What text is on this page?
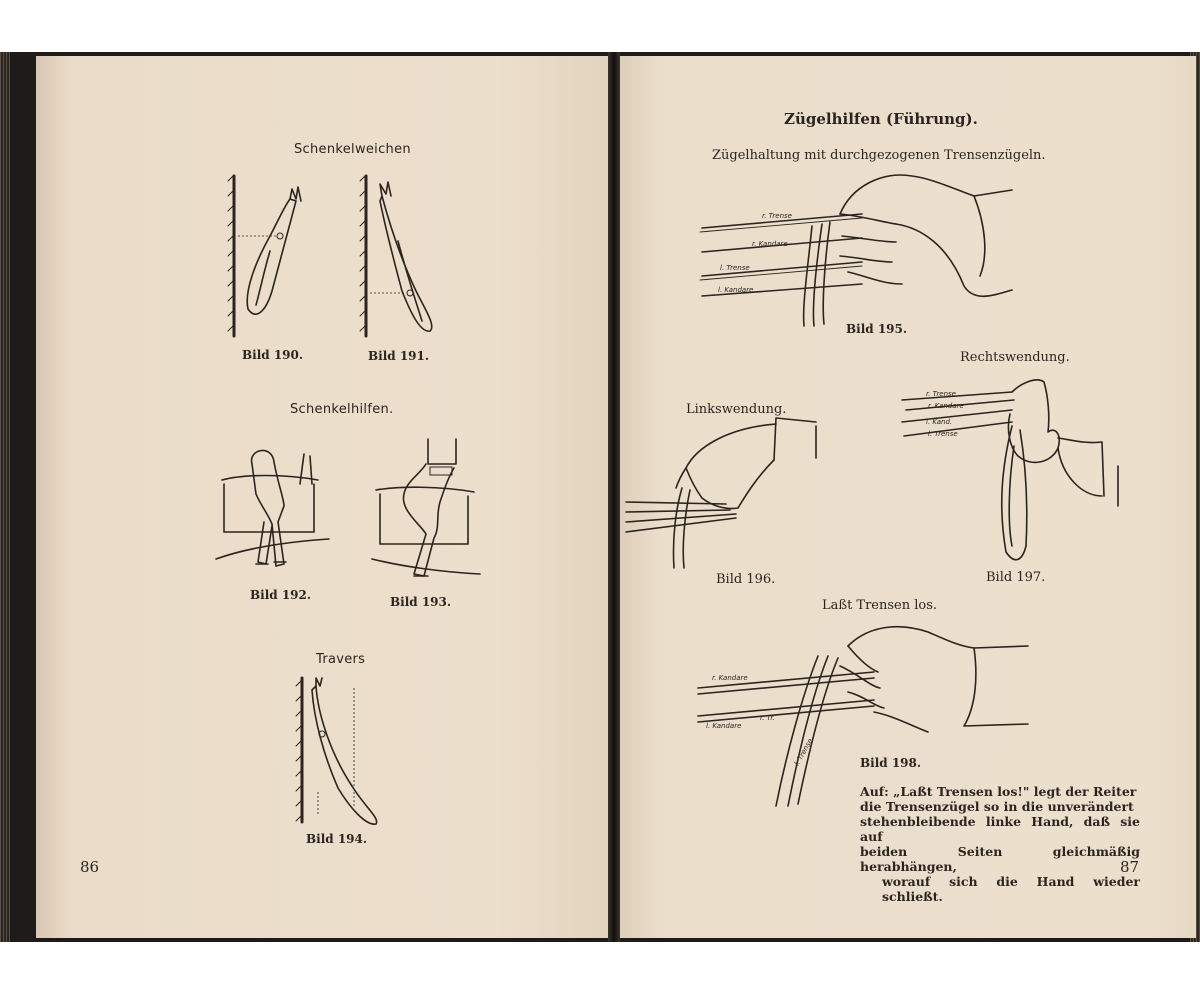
Schenkelweichen
Bild 190.	Bild 191.
Schenkelhilfen.
Bild 192.	Bild 193.
Travers
Bild 194.
86
Zügelhilfen (Führung).
Zügelhaltung mit durchgezogenen Trensenzügeln.
r. Trense
r. Kandare
l. Trense
l. Kandare
Bild 195.
Rechtswendung.
Linkswendung.
r. Trense
r. Kandare
l. Kand.
l. Trense
Bild 196.	Bild 197.
Laßt Trensen los.
r. Kandare
l. Kandare
r. Tr.
l. Trense	Bild 198.
Auf: „Laßt Trensen los!" legt der Reiter
die Trensenzügel so in die unverändert
stehenbleibende linke Hand, daß sie auf
beiden Seiten gleichmäßig herabhängen,
worauf sich die Hand wieder schließt.
87
